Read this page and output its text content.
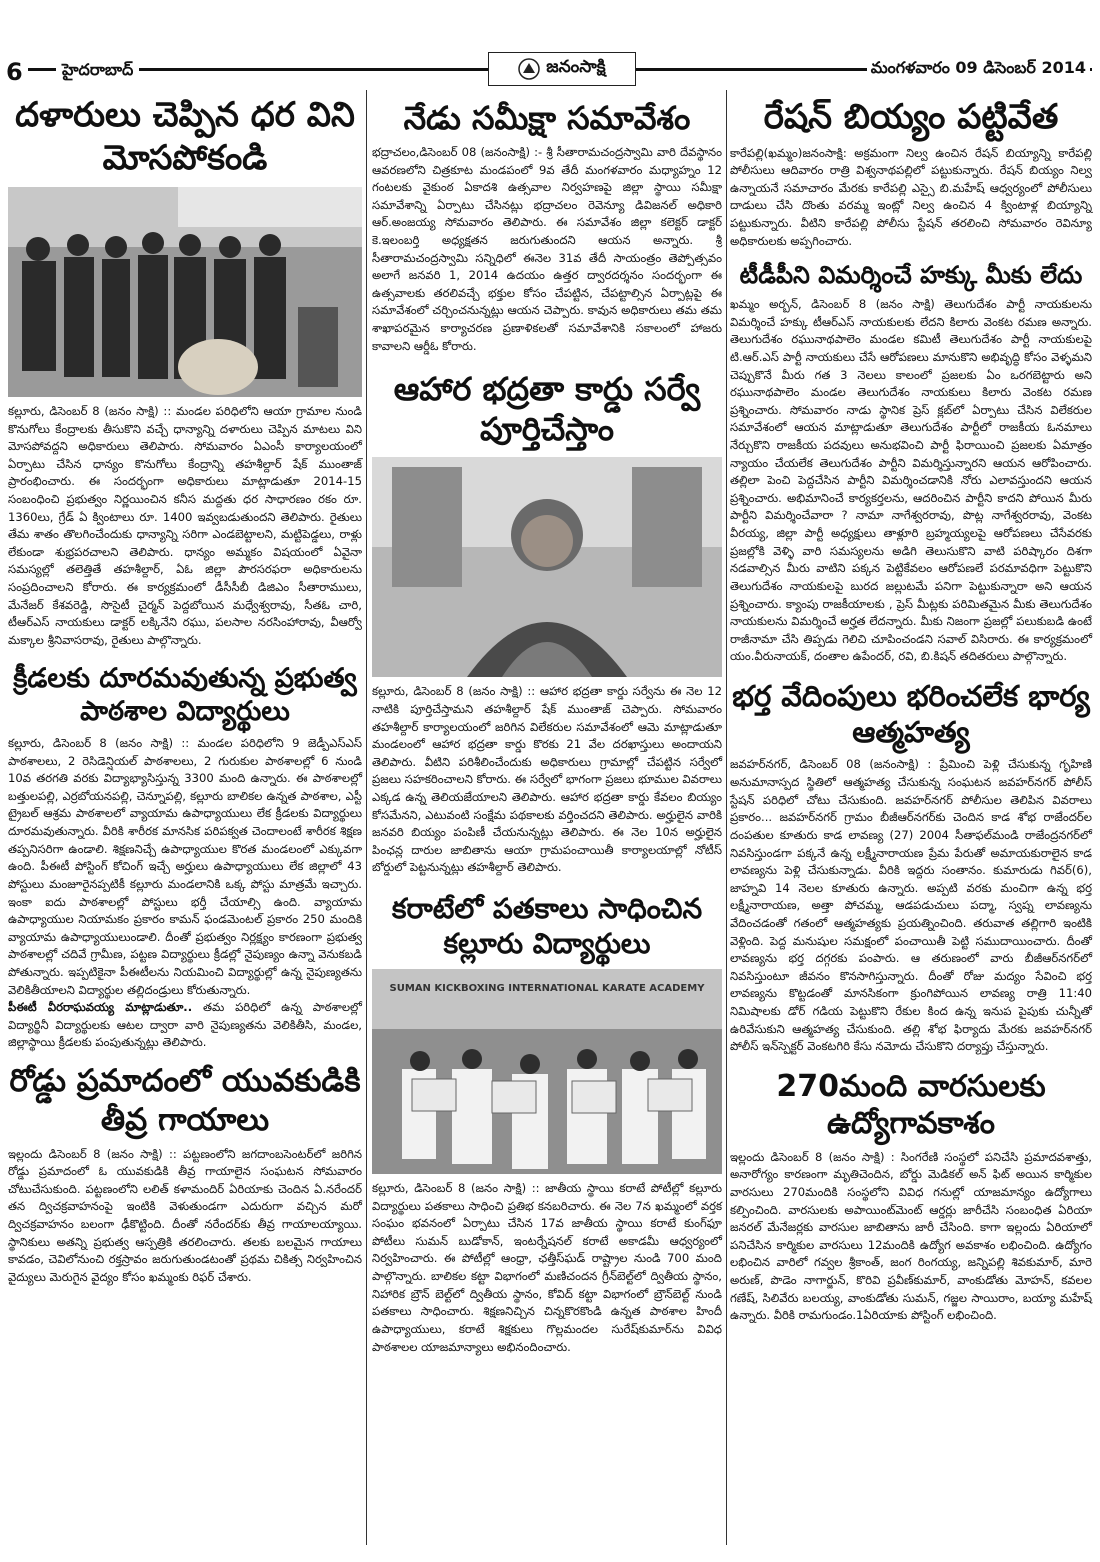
6	హైదరాబాద్	జనంసాక్షి	మంగళవారం 09 డిసెంబర్ 2014
దళారులు చెప్పిన ధర విని మోసపోకండి
కల్లూరు, డిసెంబర్ 8 (జనం సాక్షి) :: మండల పరిధిలోని ఆయా గ్రామాల నుండి కొనుగోలు కేంద్రాలకు తీసుకొని వచ్చే ధాన్యాన్ని దళారులు చెప్పిన మాటలు విని మోసపోవద్దని అధికారులు తెలిపారు. సోమవారం ఏఎంసీ కార్యాలయంలో ఏర్పాటు చేసిన ధాన్యం కొనుగోలు కేంద్రాన్ని తహశీల్దార్ షేక్ ముంతాజ్ ప్రారంభించారు. ఈ సందర్భంగా అధికారులు మాట్లాడుతూ 2014-15 సంబంధించి ప్రభుత్వం నిర్ణయించిన కనీస మద్దతు ధర సాధారణం రకం రూ. 1360లు, గ్రేడ్ ఏ క్వింటాలు రూ. 1400 ఇవ్వబడుతుందని తెలిపారు. రైతులు తేమ శాతం తొలగించేందుకు ధాన్యాన్ని సరిగా ఎండబెట్టాలని, మట్టిపెడ్డలు, రాళ్లు లేకుండా శుభ్రపరచాలని తెలిపారు. ధాన్యం అమ్మకం విషయంలో ఏవైనా సమస్యల్లో తలెత్తితే తహశీల్దార్, ఏఓ జిల్లా పౌరసరఫరా అధికారులను సంప్రదించాలని కోరారు. ఈ కార్యక్రమంలో డీసీసీబీ డిజిఎం సీతారాములు, మేనేజర్ కేశవరెడ్డి, సొసైటీ చైర్మన్ పెద్దబోయిన మధ్వేశ్వరావు, సీతఓ చారి, టీఆర్ఎస్ నాయకులు డాక్టర్ లక్కినేని రఘు, పలసాల నరసింహారావు, వీఆర్వో మక్కాల శ్రీనివాసరావు, రైతులు పాల్గొన్నారు.
క్రీడలకు దూరమవుతున్న ప్రభుత్వ పాఠశాల విద్యార్థులు
కల్లూరు, డిసెంబర్ 8 (జనం సాక్షి) :: మండల పరిధిలోని 9 జెడ్పీఎస్ఎస్ పాఠశాలలు, 2 రెసిడెన్షియల్ పాఠశాలలు, 2 గురుకుల పాఠశాలల్లో 6 నుండి 10వ తరగతి వరకు విద్యాభ్యాసిస్తున్న 3300 మంది ఉన్నారు. ఈ పాఠశాలల్లో బత్తులపల్లి, ఎర్రబోయనపల్లి, చెన్నూపల్లి, కల్లూరు బాలికల ఉన్నత పాఠశాల, ఎస్టీ ట్రైబల్ ఆశ్రమ పాఠశాలలో వ్యాయామ ఉపాధ్యాయులు లేక క్రీడలకు విద్యార్థులు దూరమవుతున్నారు. వీరికి శారీరక మానసిక పరిపక్వత చెందాలంటే శారీరక శిక్షణ తప్పనిసరిగా ఉండాలి. శిక్షణనిచ్చే ఉపాధ్యాయుల కొరత మండలంలో ఎక్కువగా ఉంది. పీఈటీ పోస్టింగ్ కోచింగ్ ఇచ్చే అర్హులు ఉపాధ్యాయులు లేక జిల్లాలో 43 పోస్టులు మంజూరైనప్పటికీ కల్లూరు మండలానికి ఒక్క పోస్టు మాత్రమే ఇచ్చారు. ఇంకా ఐదు పాఠశాలల్లో పోస్టులు భర్తీ చేయాల్సి ఉంది. వ్యాయామ ఉపాధ్యాయుల నియామకం ప్రకారం కామన్ ఫండమెంటల్ ప్రకారం 250 మందికి వ్యాయామ ఉపాధ్యాయులుండాలి. దీంతో ప్రభుత్వం నిర్లక్ష్యం కారణంగా ప్రభుత్వ పాఠశాలల్లో చదివే గ్రామీణ, పట్టణ విద్యార్థులు క్రీడల్లో నైపుణ్యం ఉన్నా వెనుకబడి పోతున్నారు. ఇప్పటికైనా పీఈటీలను నియమించి విద్యార్థుల్లో ఉన్న నైపుణ్యతను వెలికితీయాలని విద్యార్థుల తల్లిదండ్రులు కోరుతున్నారు.
పీఈటీ వీరరాఘవయ్య మాట్లాడుతూ.. తమ పరిధిలో ఉన్న పాఠశాలల్లో విద్యార్థినీ విద్యార్థులకు ఆటల ద్వారా వారి నైపుణ్యతను వెలికితీసి, మండల, జిల్లాస్థాయి క్రీడలకు పంపుతున్నట్లు తెలిపారు.
రోడ్డు ప్రమాదంలో యువకుడికి తీవ్ర గాయాలు
ఇల్లందు డిసెంబర్ 8 (జనం సాక్షి) :: పట్టణంలోని జగదాంబసెంటర్‌లో జరిగిన రోడ్డు ప్రమాదంలో ఓ యువకుడికి తీవ్ర గాయాలైన సంఘటన సోమవారం చోటుచేసుకుంది. పట్టణంలోని లలిత్ కళామందిర్ ఏరియాకు చెందిన ఏ.నరేందర్ తన ద్విచక్రవాహనంపై ఇంటికి వెళుతుండగా ఎదురుగా వచ్చిన మరో ద్విచక్రవాహనం బలంగా ఢీకొట్టింది. దీంతో నరేందర్‌కు తీవ్ర గాయాలయ్యాయి. స్థానికులు అతన్ని ప్రభుత్వ ఆస్పత్రికి తరలించారు. తలకు బలమైన గాయాలు కావడం, చెవిలోనుంచి రక్తస్రావం జరుగుతుండటంతో ప్రథమ చికిత్స నిర్వహించిన వైద్యులు మెరుగైన వైద్యం కోసం ఖమ్మంకు రిఫర్ చేశారు.
నేడు సమీక్షా సమావేశం
భద్రాచలం,డిసెంబర్ 08 (జనంసాక్షి) :- శ్రీ సీతారామచంద్రస్వామి వారి దేవస్థానం ఆవరణలోని చిత్రకూట మండపంలో 9వ తేదీ మంగళవారం మధ్యాహ్నం 12 గంటలకు వైకుంఠ ఏకాదశి ఉత్సవాల నిర్వహణపై జిల్లా స్థాయి సమీక్షా సమావేశాన్ని ఏర్పాటు చేసినట్లు భద్రాచలం రెవెన్యూ డివిజనల్ అధికారి ఆర్.అంజయ్య సోమవారం తెలిపారు. ఈ సమావేశం జిల్లా కలెక్టర్ డాక్టర్ కె.ఇలంబర్తి అధ్యక్షతన జరుగుతుందని ఆయన అన్నారు. శ్రీ సీతారామచంద్రస్వామి సన్నిధిలో ఈనెల 31వ తేదీ సాయంత్రం తెప్పోత్సవం అలాగే జనవరి 1, 2014 ఉదయం ఉత్తర ద్వారదర్శనం సందర్భంగా ఈ ఉత్సవాలకు తరలివచ్చే భక్తుల కోసం చేపట్టిన, చేపట్టాల్సిన ఏర్పాట్లపై ఈ సమావేశంలో చర్చించనున్నట్లు ఆయన చెప్పారు. కావున అధికారులు తమ తమ శాఖాపరమైన కార్యాచరణ ప్రణాళికలతో సమావేశానికి సకాలంలో హాజరు కావాలని ఆర్డీఓ కోరారు.
ఆహార భద్రతా కార్డు సర్వే పూర్తిచేస్తాం
కల్లూరు, డిసెంబర్ 8 (జనం సాక్షి) :: ఆహార భద్రతా కార్డు సర్వేను ఈ నెల 12 నాటికి పూర్తిచేస్తామని తహశీల్దార్ షేక్ ముంతాజ్ చెప్పారు. సోమవారం తహశీల్దార్ కార్యాలయంలో జరిగిన విలేకరుల సమావేశంలో ఆమె మాట్లాడుతూ మండలంలో ఆహార భద్రతా కార్డు కొరకు 21 వేల దరఖాస్తులు అందాయని తెలిపారు. వీటిని పరిశీలించేందుకు అధికారులు గ్రామాల్లో చేపట్టిన సర్వేలో ప్రజలు సహకరించాలని కోరారు. ఈ సర్వేలో భాగంగా ప్రజలు భూముల వివరాలు ఎక్కడ ఉన్న తెలియజేయాలని తెలిపారు. ఆహార భద్రతా కార్డు కేవలం బియ్యం కోసమేనని, ఎటువంటి సంక్షేమ పథకాలకు వర్తించదని తెలిపారు. అర్హులైన వారికి జనవరి బియ్యం పంపిణీ చేయనున్నట్లు తెలిపారు. ఈ నెల 10న అర్హులైన పింఛన్ల దారుల జాబితాను ఆయా గ్రామపంచాయితీ కార్యాలయాల్లో నోటీస్ బోర్డులో పెట్టనున్నట్లు తహశీల్దార్ తెలిపారు.
కరాటేలో పతకాలు సాధించిన కల్లూరు విద్యార్థులు
SUMAN KICKBOXING INTERNATIONAL KARATE ACADEMY
కల్లూరు, డిసెంబర్ 8 (జనం సాక్షి) :: జాతీయ స్థాయి కరాటే పోటీల్లో కల్లూరు విద్యార్థులు పతకాలు సాధించి ప్రతిభ కనబరిచారు. ఈ నెల 7న ఖమ్మంలో వర్తక సంఘం భవనంలో ఏర్పాటు చేసిన 17వ జాతీయ స్థాయి కరాటే కుంగ్‌ఫూ పోటీలు సుమన్ బుడోకాన్, ఇంటర్నేషనల్ కరాటే అకాడమీ ఆధ్వర్యంలో నిర్వహించారు. ఈ పోటీల్లో ఆంధ్రా, ఛత్తీస్‌ఘడ్ రాష్ట్రాల నుండి 700 మంది పాల్గొన్నారు. బాలికల కట్టా విభాగంలో మణిచందన గ్రీన్‌బెల్ట్‌లో ద్వితీయ స్థానం, నిహారిక బ్రౌన్ బెల్ట్‌లో ద్వితీయ స్థానం, కోవిద్ కట్టా విభాగంలో బ్రౌన్‌బెల్ట్ నుండి పతకాలు సాధించారు. శిక్షణనిచ్చిన చిన్నకొరకొండి ఉన్నత పాఠశాల హిందీ ఉపాధ్యాయులు, కరాటే శిక్షకులు గొల్లమందల సురేష్‌కుమార్‌ను వివిధ పాఠశాలల యాజమాన్యాలు అభినందించారు.
రేషన్ బియ్యం పట్టివేత
కారేపల్లి(ఖమ్మం)జనంసాక్షి: అక్రమంగా నిల్వ ఉంచిన రేషన్ బియ్యాన్ని కారేపల్లి పోలీసులు ఆదివారం రాత్రి విశ్వనాథపల్లిలో పట్టుకున్నారు. రేషన్ బియ్యం నిల్వ ఉన్నాయనే సమాచారం మేరకు కారేపల్లి ఎస్సై బి.మహేష్ ఆధ్వర్యంలో పోలీసులు దాడులు చేసి దొంతు వరమ్మ ఇంట్లో నిల్వ ఉంచిన 4 క్వింటాళ్ల బియ్యాన్ని పట్టుకున్నారు. వీటిని కారేపల్లి పోలీసు స్టేషన్ తరలించి సోమవారం రెవిన్యూ అధికారులకు అప్పగించారు.
టీడీపీని విమర్శించే హక్కు మీకు లేదు
ఖమ్మం అర్బన్, డిసెంబర్ 8 (జనం సాక్షి) తెలుగుదేశం పార్టీ నాయకులను విమర్శించే హక్కు టీఆర్ఎస్ నాయకులకు లేదని కిలారు వెంకట రమణ అన్నారు. తెలుగుదేశం రఘునాథపాలెం మండల కమిటీ తెలుగుదేశం పార్టీ నాయకులపై టి.ఆర్.ఎస్ పార్టీ నాయకులు చేసే ఆరోపణలు మానుకొని అభివృద్ధి కోసం వెళ్ళమని చెప్పుకొనే మీరు గత 3 నెలలు కాలంలో ప్రజలకు ఏం ఒరగబెట్టారు అని రఘునాథపాలెం మండల తెలుగుదేశం నాయకులు కిలారు వెంకట రమణ ప్రశ్నించారు. సోమవారం నాడు స్థానిక ప్రెస్ క్లబ్‌లో ఏర్పాటు చేసిన విలేకరుల సమావేశంలో ఆయన మాట్లాడుతూ తెలుగుదేశం పార్టీలో రాజకీయ ఓనమాలు నేర్చుకొని రాజకీయ పదవులు అనుభవించి పార్టీ ఫిరాయించి ప్రజలకు ఏమాత్రం న్యాయం చేయలేక తెలుగుదేశం పార్టీని విమర్శిస్తున్నారని ఆయన ఆరోపించారు. తల్లిలా పెంచి పెద్దచేసిన పార్టీని విమర్శించడానికి నోరు ఎలావస్తుందని ఆయన ప్రశ్నించారు. అభిమానించే కార్యకర్తలను, ఆదరించిన పార్టీని కాదని పోయిన మీరు పార్టీని విమర్శించేవారా ? నామా నాగేశ్వరరావు, పొట్ల నాగేశ్వరరావు, వెంకట వీరయ్య, జిల్లా పార్టీ అధ్యక్షులు తాళ్లూరి బ్రహ్మయ్యలపై ఆరోపణలు చేసేవరకు ప్రజల్లోకి వెళ్ళి వారి సమస్యలను అడిగి తెలుసుకొని వాటి పరిష్కారం దిశగా నడవాల్సిన మీరు వాటిని పక్కన పెట్టికేవలం ఆరోపణలే పరమావధిగా పెట్టుకొని తెలుగుదేశం నాయకులపై బురద జల్లుటమే పనిగా పెట్టుకున్నారా అని ఆయన ప్రశ్నించారు. క్యాంపు రాజకీయాలకు , ప్రెస్ మీట్లకు పరిమితమైన మీకు తెలుగుదేశం నాయకులను విమర్శించే అర్హత లేదన్నారు. మీకు నిజంగా ప్రజల్లో పలుకుబడి ఉంటే రాజీనామా చేసి తిప్పడు గెలిచి చూపించండని సవాల్ విసిరారు. ఈ కార్యక్రమంలో యం.వీరునాయక్, దంతాల ఉపేందర్, రవి, బి.కిషన్ తదితరులు పాల్గొన్నారు.
భర్త వేదింపులు భరించలేక భార్య ఆత్మహత్య
జవహర్‌నగర్, డిసెంబర్ 08 (జనంసాక్షి) : ప్రేమించి పెళ్లి చేసుకున్న గృహిణి అనుమానాస్పద స్థితిలో ఆత్మహత్య చేసుకున్న సంఘటన జవహర్‌నగర్ పోలీస్ స్టేషన్ పరిధిలో చోటు చేసుకుంది. జవహర్‌నగర్ పోలీసుల తెలిపిన వివరాలు ప్రకారం... జవహర్‌నగర్ గ్రామం బీజీఆర్‌నగర్‌కు చెందిన కాడ శోభ రాజేందర్‌ల దంపతుల కూతురు కాడ లావణ్య (27) 2004 సీతాఫల్‌మండి రాజేంద్రనగర్‌లో నివసిస్తుండగా పక్కనే ఉన్న లక్ష్మీనారాయణ ప్రేమ పేరుతో అమాయకురాలైన కాడ లావణ్యను పెళ్లి చేసుకున్నాడు. వీరికి ఇద్దరు సంతానం. కుమారుడు గివర్(6), జాహ్నవి 14 నెలల కూతురు ఉన్నారు. అప్పటి వరకు మంచిగా ఉన్న భర్త లక్ష్మీనారాయణ, అత్తా పోచమ్మ, ఆడపడుచులు పద్మా, స్వప్న లావణ్యను వేదించడంతో గతంలో ఆత్మహత్యకు ప్రయత్నించింది. తరువాత తల్లిగారి ఇంటికి వెళ్లింది. పెద్ద మనుషుల సమక్షంలో పంచాయితీ పెట్టి సముదాయించారు. దీంతో లావణ్యను భర్త దగ్గరకు పంపారు. ఆ తరుణంలో వారు బీజీఆర్‌నగర్‌లో నివసిస్తుంటూ జీవనం కొనసాగిస్తున్నారు. దీంతో రోజు మద్యం సేవించి భర్త లావణ్యను కొట్టడంతో మానసికంగా క్రుంగిపోయిన లావణ్య రాత్రి 11:40 నిమిషాలకు డోర్ గడియ పెట్టుకొని రేకుల కింద ఉన్న ఇనుప పైపుకు చున్నీతో ఉరివేసుకుని ఆత్మహత్య చేసుకుంది. తల్లి శోభ ఫిర్యాదు మేరకు జవహర్‌నగర్ పోలీస్ ఇన్‌స్పెక్టర్ వెంకటగిరి కేసు నమోదు చేసుకొని దర్యాప్తు చేస్తున్నారు.
270మంది వారసులకు ఉద్యోగావకాశం
ఇల్లందు డిసెంబర్ 8 (జనం సాక్షి) : సింగరేణి సంస్థలో పనిచేసి ప్రమాదవశాత్తు, అనారోగ్యం కారణంగా మృతిచెందిన, బోర్డు మెడికల్ అన్ ఫిట్ అయిన కార్మికుల వారసులు 270మందికి సంస్థలోని వివిధ గనుల్లో యాజమాన్యం ఉద్యోగాలు కల్పించింది. వారసులకు అపాయింట్‌మెంట్ ఆర్డర్లు జారీచేసి సంబంధిత ఏరియా జనరల్ మేనేజర్లకు వారసుల జాబితాను జారీ చేసింది. కాగా ఇల్లందు ఏరియాలో పనిచేసిన కార్మికుల వారసులు 12మందికి ఉద్యోగ అవకాశం లభించింది. ఉద్యోగం లభించిన వారిలో గవ్వల శ్రీకాంత్, జంగ రింగయ్య, జన్నిపల్లి శివకుమార్, మారె అరుణ్, పొడెం నాగార్జున్, కొరివి ప్రవీణ్‌కుమార్, వాంకుడోతు మోహన్, కవలల గణేష్, సిలివేరు బలయ్య, వాంకుడోతు సుమన్, గజ్జల సాయిరాం, బయ్యా మహేష్ ఉన్నారు. వీరికి రామగుండం.1ఏరియాకు పోస్టింగ్ లభించింది.
